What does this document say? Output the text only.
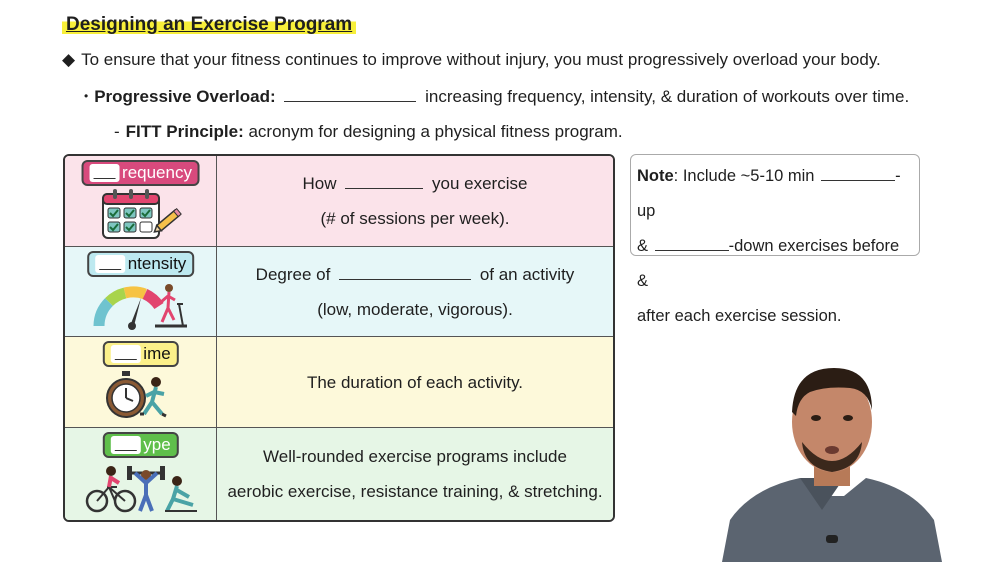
Designing an Exercise Program
◆ To ensure that your fitness continues to improve without injury, you must progressively overload your body.
• Progressive Overload:	increasing frequency, intensity, & duration of workouts over time.
- FITT Principle: acronym for designing a physical fitness program.
requency
How	you exercise
(# of sessions per week).
ntensity
Degree of	of an activity
(low, moderate, vigorous).
ime
The duration of each activity.
ype
Well-rounded exercise programs include
aerobic exercise, resistance training, & stretching.
Note: Include ~5-10 min	-up
&	-down exercises before &
after each exercise session.
